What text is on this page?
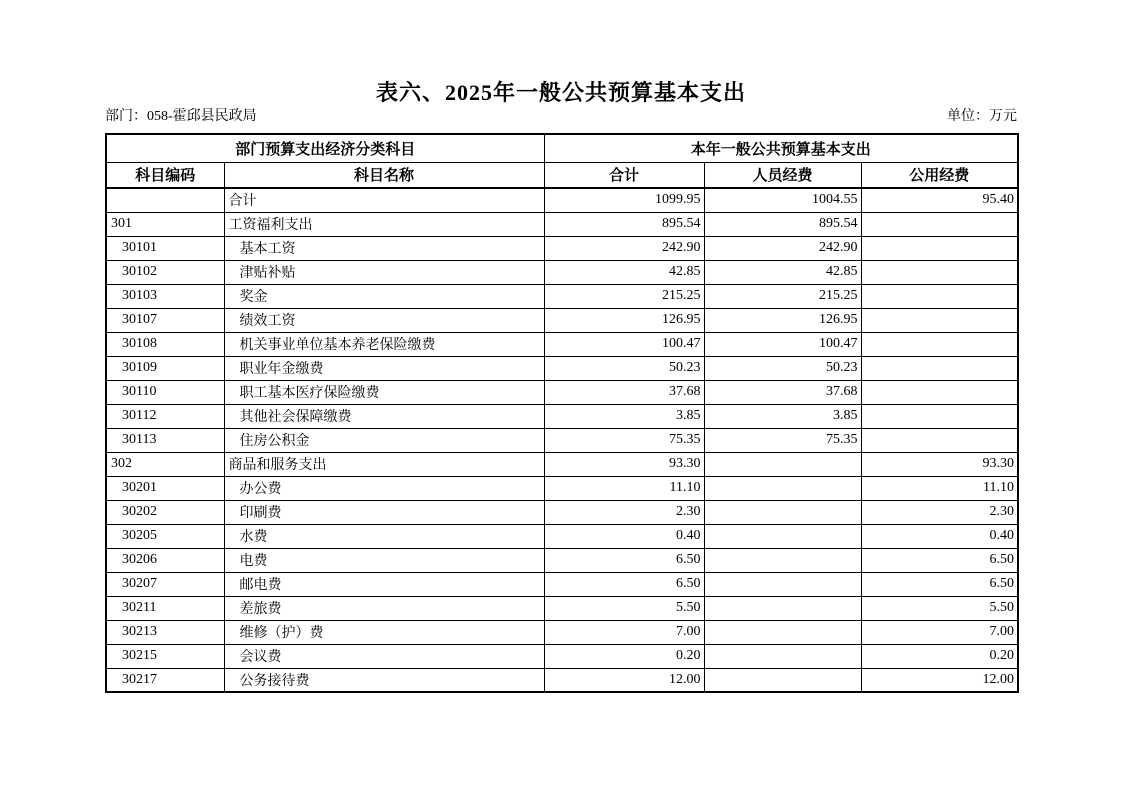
表六、2025年一般公共预算基本支出
部门：058-霍邱县民政局	单位：万元
部门预算支出经济分类科目		本年一般公共预算基本支出		
科目编码	科目名称	合计	人员经费	公用经费
	合计	1099.95	1004.55	95.40
301	工资福利支出	895.54	895.54	
30101	基本工资	242.90	242.90	
30102	津贴补贴	42.85	42.85	
30103	奖金	215.25	215.25	
30107	绩效工资	126.95	126.95	
30108	机关事业单位基本养老保险缴费	100.47	100.47	
30109	职业年金缴费	50.23	50.23	
30110	职工基本医疗保险缴费	37.68	37.68	
30112	其他社会保障缴费	3.85	3.85	
30113	住房公积金	75.35	75.35	
302	商品和服务支出	93.30		93.30
30201	办公费	11.10		11.10
30202	印刷费	2.30		2.30
30205	水费	0.40		0.40
30206	电费	6.50		6.50
30207	邮电费	6.50		6.50
30211	差旅费	5.50		5.50
30213	维修（护）费	7.00		7.00
30215	会议费	0.20		0.20
30217	公务接待费	12.00		12.00
